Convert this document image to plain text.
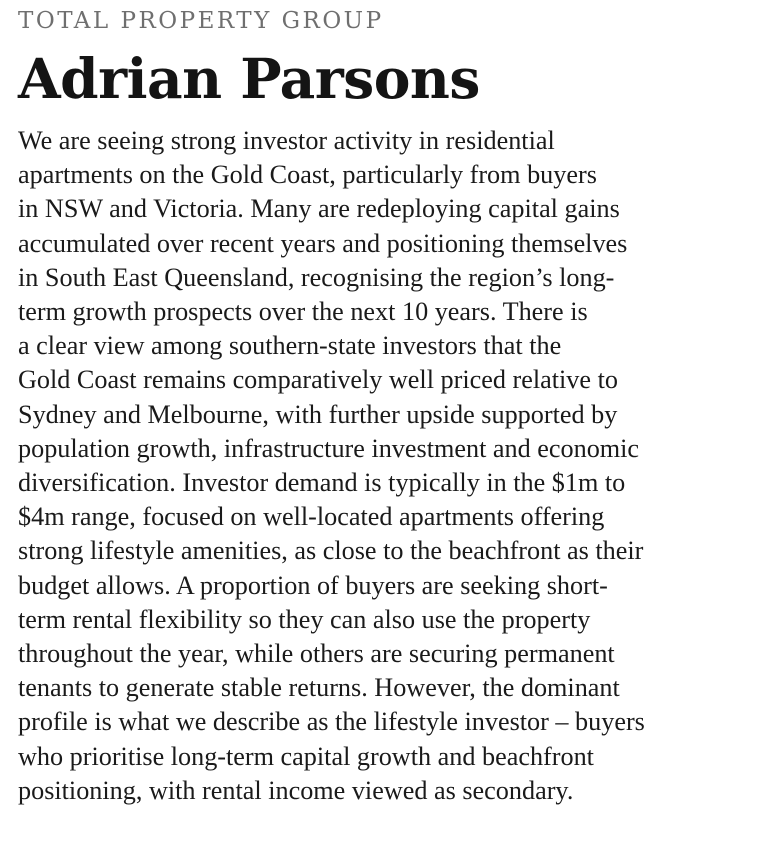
TOTAL PROPERTY GROUP
Adrian Parsons
We are seeing strong investor activity in residential
apartments on the Gold Coast, particularly from buyers
in NSW and Victoria. Many are redeploying capital gains
accumulated over recent years and positioning themselves
in South East Queensland, recognising the region’s long-
term growth prospects over the next 10 years. There is
a clear view among southern-state investors that the
Gold Coast remains comparatively well priced relative to
Sydney and Melbourne, with further upside supported by
population growth, infrastructure investment and economic
diversification. Investor demand is typically in the $1m to
$4m range, focused on well-located apartments offering
strong lifestyle amenities, as close to the beachfront as their
budget allows. A proportion of buyers are seeking short-
term rental flexibility so they can also use the property
throughout the year, while others are securing permanent
tenants to generate stable returns. However, the dominant
profile is what we describe as the lifestyle investor – buyers
who prioritise long-term capital growth and beachfront
positioning, with rental income viewed as secondary.
